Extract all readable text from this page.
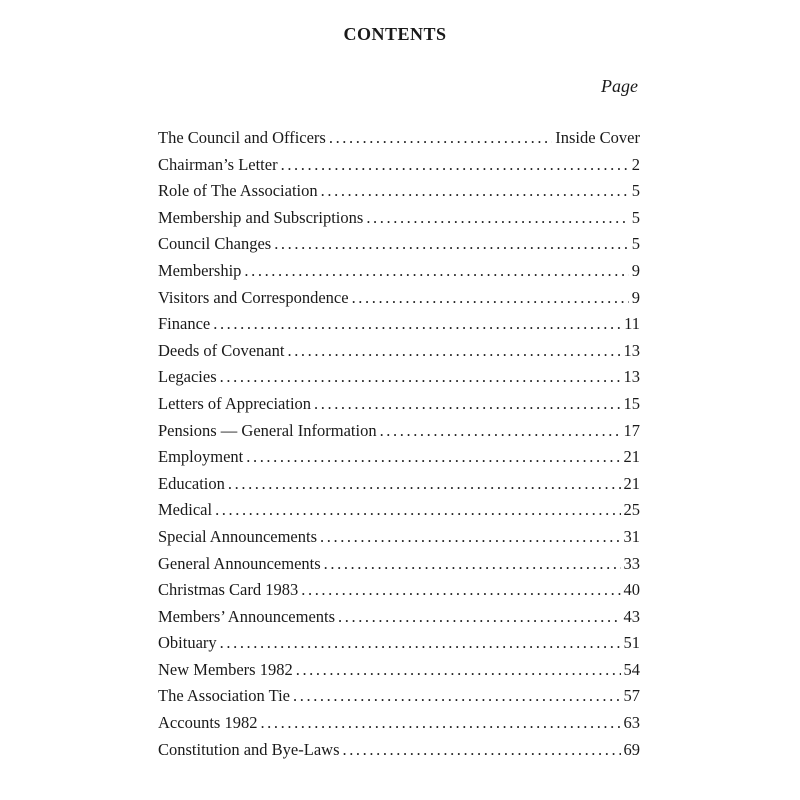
CONTENTS
Page
The Council and Officers .....	Inside Cover
Chairman’s Letter .....	2
Role of The Association .....	5
Membership and Subscriptions .....	5
Council Changes .....	5
Membership .....	9
Visitors and Correspondence .....	9
Finance .....	11
Deeds of Covenant .....	13
Legacies .....	13
Letters of Appreciation .....	15
Pensions — General Information .....	17
Employment .....	21
Education .....	21
Medical .....	25
Special Announcements .....	31
General Announcements .....	33
Christmas Card 1983 .....	40
Members’ Announcements .....	43
Obituary .....	51
New Members 1982 .....	54
The Association Tie .....	57
Accounts 1982 .....	63
Constitution and Bye-Laws .....	69
